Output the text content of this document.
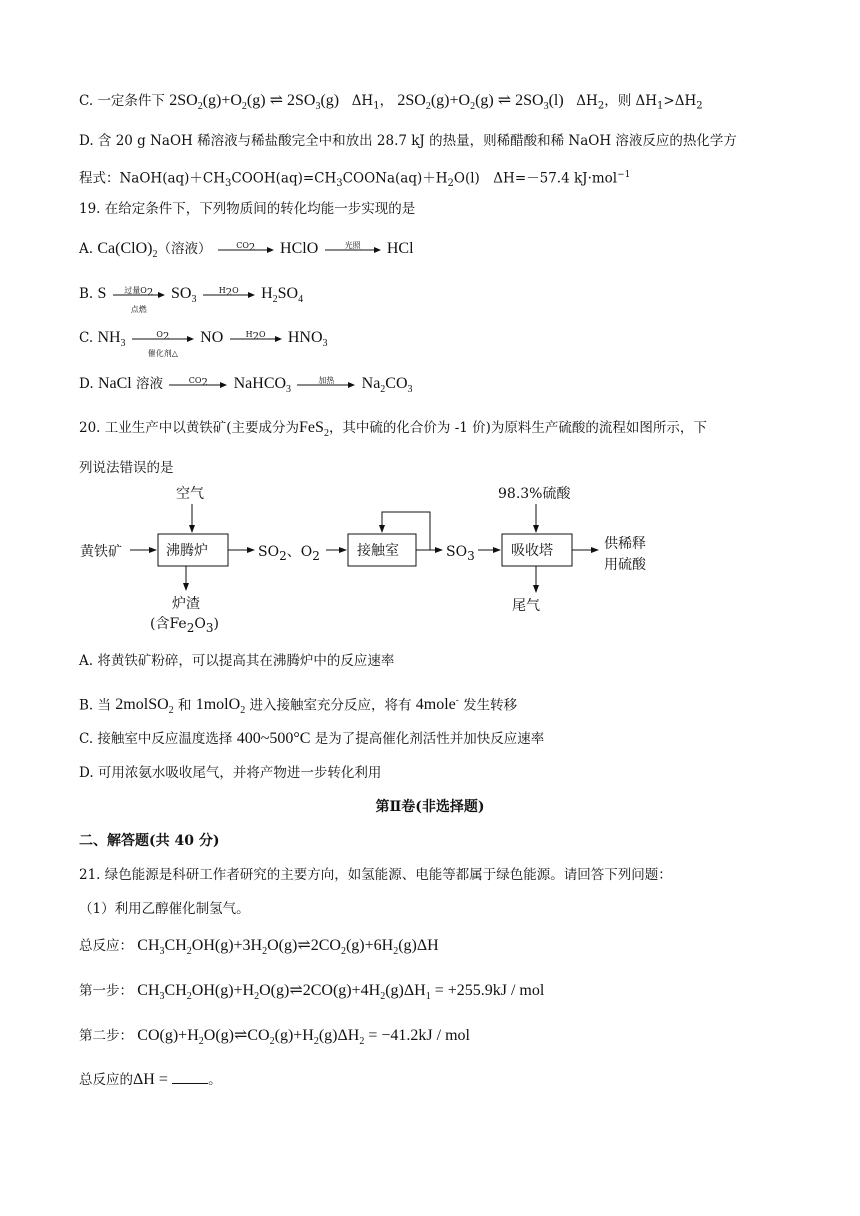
C. 一定条件下 $2SO_2(g)+O_2(g)$ ⇌ $2SO_3(g)$ $\Delta H_1$， $2SO_2(g)+O_2(g)$ ⇌ $2SO_3(l)$ $\Delta H_2$，则 $\Delta H_1>\Delta H_2$
D. 含 20 g NaOH 稀溶液与稀盐酸完全中和放出 28.7 kJ 的热量，则稀醋酸和稀 NaOH 溶液反应的热化学方
程式：$NaOH(aq)+CH_3COOH(aq)=CH_3COONa(aq)+H_2O(l)$　ΔH=－57.4 kJ·mol$^{-1}$
19. 在给定条件下，下列物质间的转化均能一步实现的是
A. $Ca(ClO)_2$（溶液）	$CO_2$	HClO	光照	HCl
B. S	过量$O_2$
点燃
$SO_3$
$H_2O$	$H_2SO_4$
C. $NH_3$
$O_2$
催化剂△
NO	$H_2O$	$HNO_3$
D. NaCl 溶液	$CO_2$	NaHCO$_3$
加热	$Na_2CO_3$
20. 工业生产中以黄铁矿(主要成分为FeS$_2$，其中硫的化合价为 -1 价)为原料生产硫酸的流程如图所示，下
列说法错误的是
空气
黄铁矿	沸腾炉	SO2、O2	接触室	SO3
98.3%硫酸
吸收塔	供稀释
用硫酸
尾气
炉渣
(含Fe2O3)
A. 将黄铁矿粉碎，可以提高其在沸腾炉中的反应速率
B. 当 2molSO$_2$ 和 1molO$_2$ 进入接触室充分反应，将有 4mole- 发生转移
C. 接触室中反应温度选择 400~500°C 是为了提高催化剂活性并加快反应速率
D. 可用浓氨水吸收尾气，并将产物进一步转化利用
第Ⅱ卷(非选择题)
二、解答题(共 40 分)
21. 绿色能源是科研工作者研究的主要方向，如氢能源、电能等都属于绿色能源。请回答下列问题：
（1）利用乙醇催化制氢气。
总反应： $CH_3CH_2OH(g)+3H_2O(g)\rightleftharpoons 2CO_2(g)+6H_2(g)\Delta H$
第一步： $CH_3CH_2OH(g)+H_2O(g)\rightleftharpoons 2CO(g)+4H_2(g)\Delta H_1 = +255.9kJ$ / mol
第二步： $CO(g)+H_2O(g)\rightleftharpoons CO_2(g)+H_2(g)\Delta H_2 = -41.2kJ$ / mol
总反应的ΔH =	。
